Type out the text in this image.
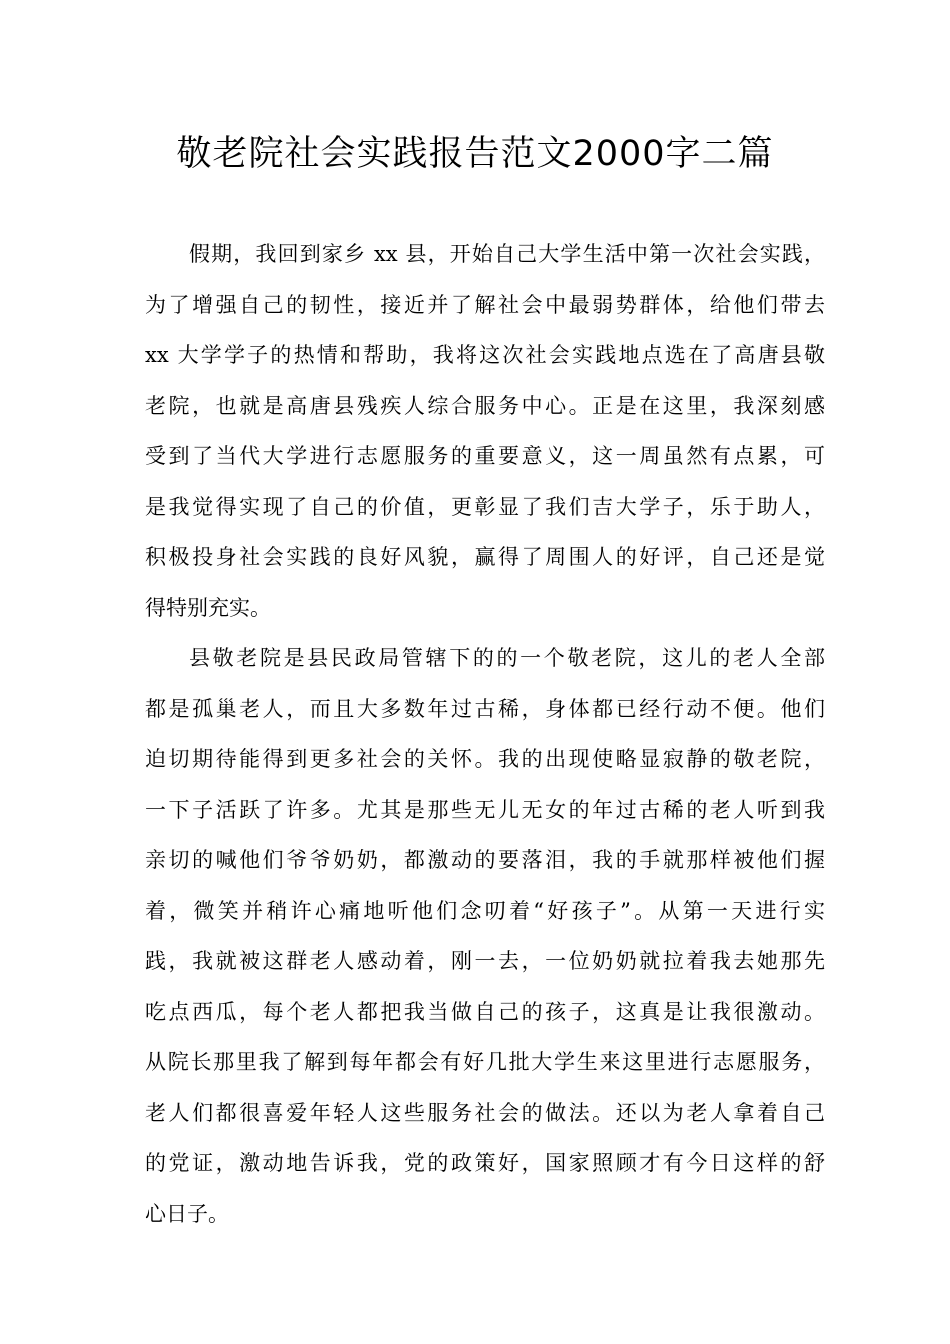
敬老院社会实践报告范文2000字二篇
假期，我回到家乡 xx 县，开始自己大学生活中第一次社会实践，
为了增强自己的韧性，接近并了解社会中最弱势群体，给他们带去
xx 大学学子的热情和帮助，我将这次社会实践地点选在了高唐县敬
老院，也就是高唐县残疾人综合服务中心。正是在这里，我深刻感
受到了当代大学进行志愿服务的重要意义，这一周虽然有点累，可
是我觉得实现了自己的价值，更彰显了我们吉大学子，乐于助人，
积极投身社会实践的良好风貌，赢得了周围人的好评，自己还是觉
得特别充实。
县敬老院是县民政局管辖下的的一个敬老院，这儿的老人全部
都是孤巢老人，而且大多数年过古稀，身体都已经行动不便。他们
迫切期待能得到更多社会的关怀。我的出现使略显寂静的敬老院，
一下子活跃了许多。尤其是那些无儿无女的年过古稀的老人听到我
亲切的喊他们爷爷奶奶，都激动的要落泪，我的手就那样被他们握
着，微笑并稍许心痛地听他们念叨着“好孩子”。从第一天进行实
践，我就被这群老人感动着，刚一去，一位奶奶就拉着我去她那先
吃点西瓜，每个老人都把我当做自己的孩子，这真是让我很激动。
从院长那里我了解到每年都会有好几批大学生来这里进行志愿服务，
老人们都很喜爱年轻人这些服务社会的做法。还以为老人拿着自己
的党证，激动地告诉我，党的政策好，国家照顾才有今日这样的舒
心日子。
